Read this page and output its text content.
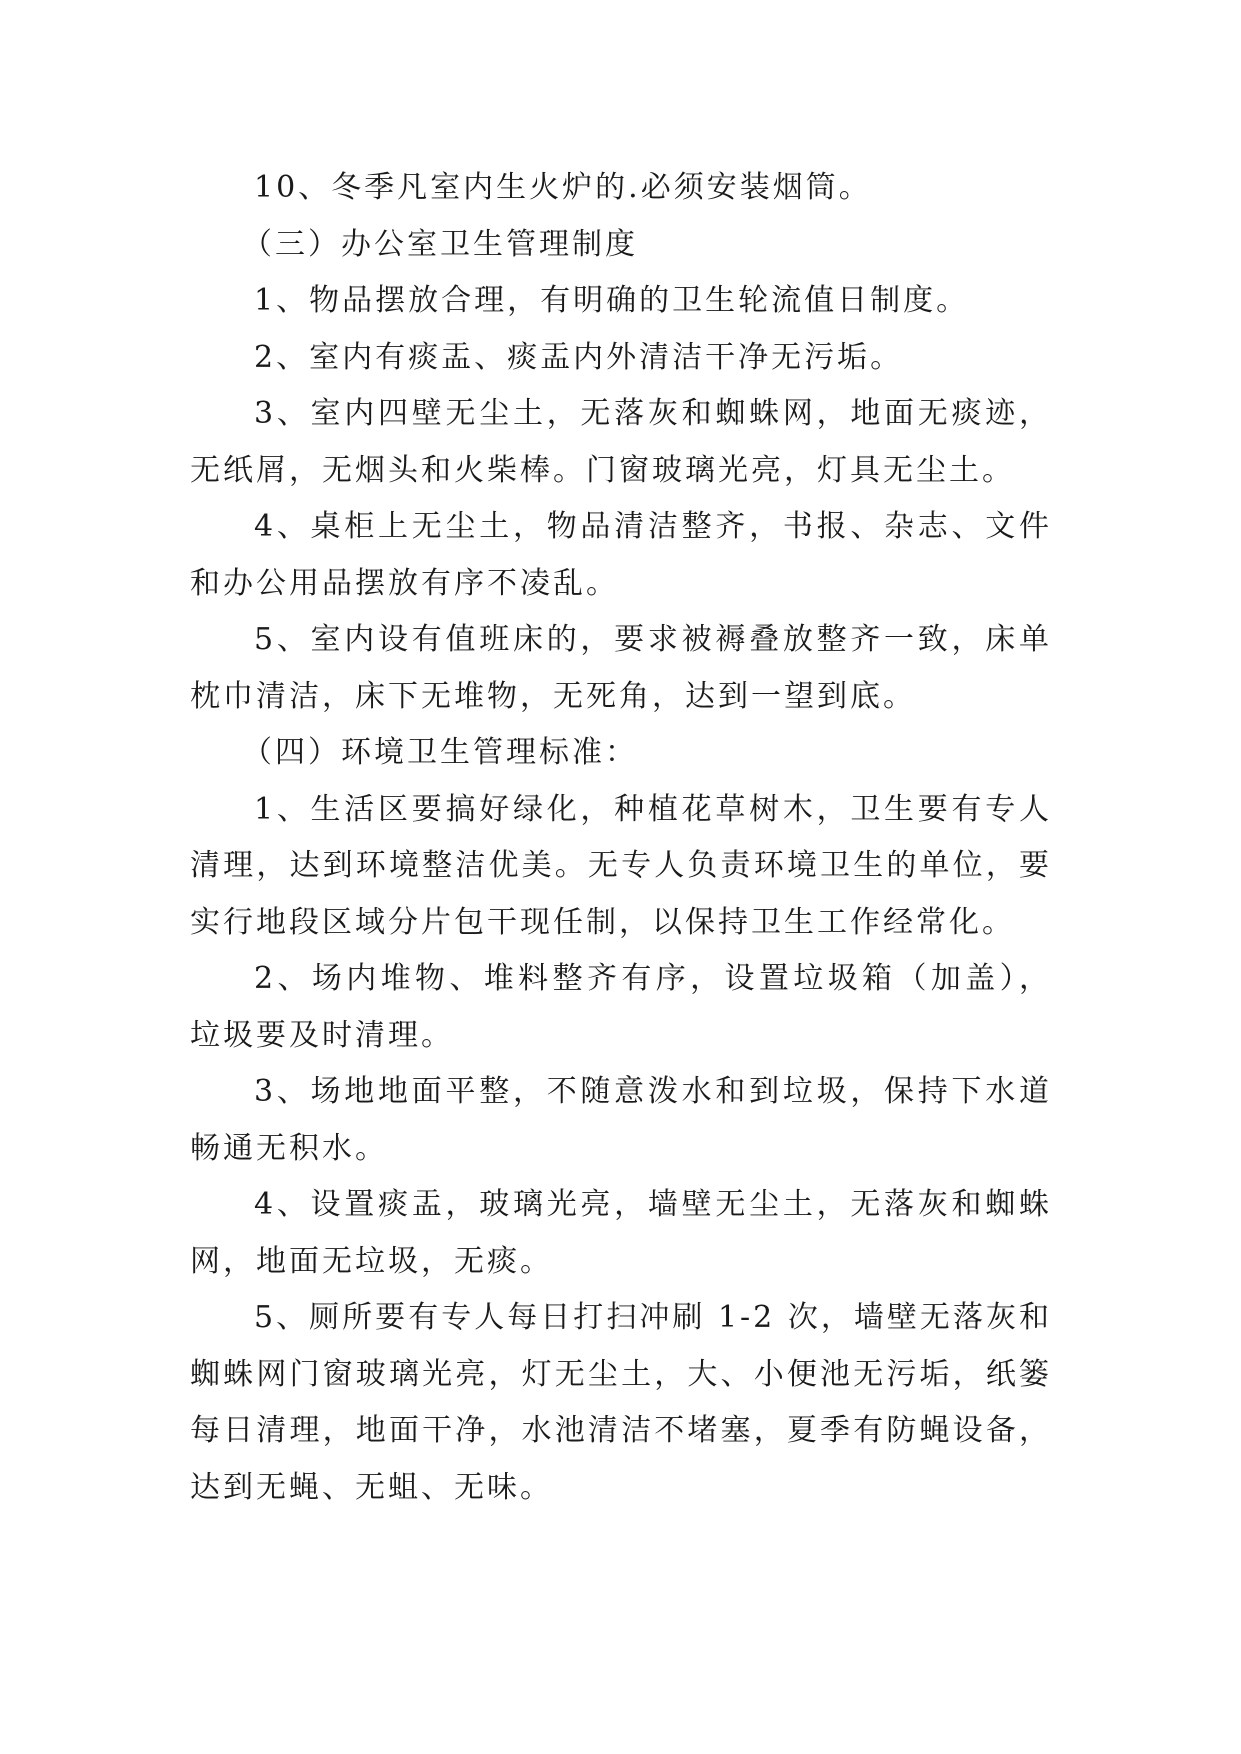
10、冬季凡室内生火炉的.必须安装烟筒。

（三）办公室卫生管理制度

1、物品摆放合理，有明确的卫生轮流值日制度。

2、室内有痰盂、痰盂内外清洁干净无污垢。

3、室内四壁无尘土，无落灰和蜘蛛网，地面无痰迹，无纸屑，无烟头和火柴棒。门窗玻璃光亮，灯具无尘土。

4、桌柜上无尘土，物品清洁整齐，书报、杂志、文件和办公用品摆放有序不凌乱。

5、室内设有值班床的，要求被褥叠放整齐一致，床单枕巾清洁，床下无堆物，无死角，达到一望到底。

（四）环境卫生管理标准：

1、生活区要搞好绿化，种植花草树木，卫生要有专人清理，达到环境整洁优美。无专人负责环境卫生的单位，要实行地段区域分片包干现任制，以保持卫生工作经常化。

2、场内堆物、堆料整齐有序，设置垃圾箱（加盖），垃圾要及时清理。

3、场地地面平整，不随意泼水和到垃圾，保持下水道畅通无积水。

4、设置痰盂，玻璃光亮，墙壁无尘土，无落灰和蜘蛛网，地面无垃圾，无痰。

5、厕所要有专人每日打扫冲刷 1-2 次，墙壁无落灰和蜘蛛网门窗玻璃光亮，灯无尘土，大、小便池无污垢，纸篓每日清理，地面干净，水池清洁不堵塞，夏季有防蝇设备，达到无蝇、无蛆、无味。
